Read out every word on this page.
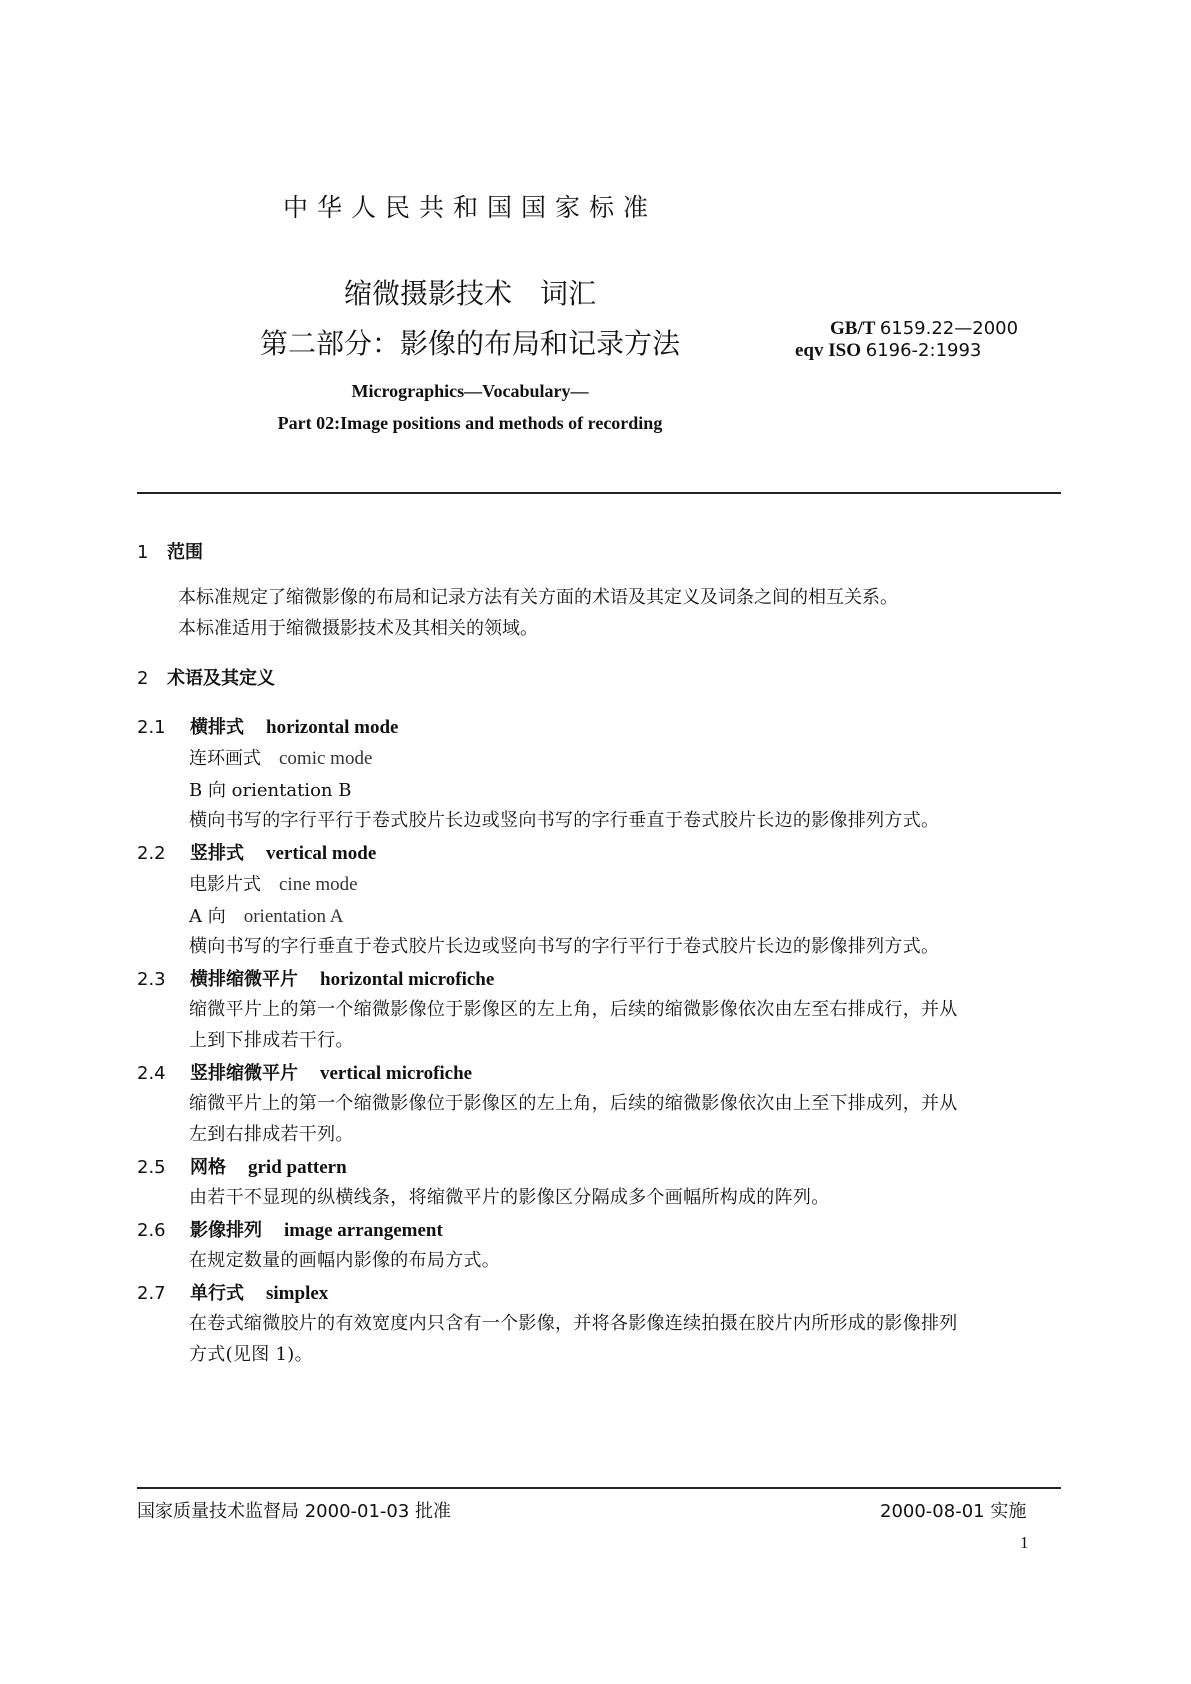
中华人民共和国国家标准
缩微摄影技术　词汇
第二部分：影像的布局和记录方法
Micrographics—Vocabulary—
Part 02:Image positions and methods of recording
GB/T 6159.22—2000
eqv ISO 6196-2:1993
1 范围
本标准规定了缩微影像的布局和记录方法有关方面的术语及其定义及词条之间的相互关系。
本标准适用于缩微摄影技术及其相关的领域。
2 术语及其定义
2.1 横排式 horizontal mode
连环画式 comic mode
B 向 orientation B
横向书写的字行平行于卷式胶片长边或竖向书写的字行垂直于卷式胶片长边的影像排列方式。
2.2 竖排式 vertical mode
电影片式 cine mode
A 向 orientation A
横向书写的字行垂直于卷式胶片长边或竖向书写的字行平行于卷式胶片长边的影像排列方式。
2.3 横排缩微平片 horizontal microfiche
缩微平片上的第一个缩微影像位于影像区的左上角，后续的缩微影像依次由左至右排成行，并从
上到下排成若干行。
2.4 竖排缩微平片 vertical microfiche
缩微平片上的第一个缩微影像位于影像区的左上角，后续的缩微影像依次由上至下排成列，并从
左到右排成若干列。
2.5 网格 grid pattern
由若干不显现的纵横线条，将缩微平片的影像区分隔成多个画幅所构成的阵列。
2.6 影像排列 image arrangement
在规定数量的画幅内影像的布局方式。
2.7 单行式 simplex
在卷式缩微胶片的有效宽度内只含有一个影像，并将各影像连续拍摄在胶片内所形成的影像排列
方式(见图 1)。
国家质量技术监督局 2000-01-03 批准	2000-08-01 实施
1
